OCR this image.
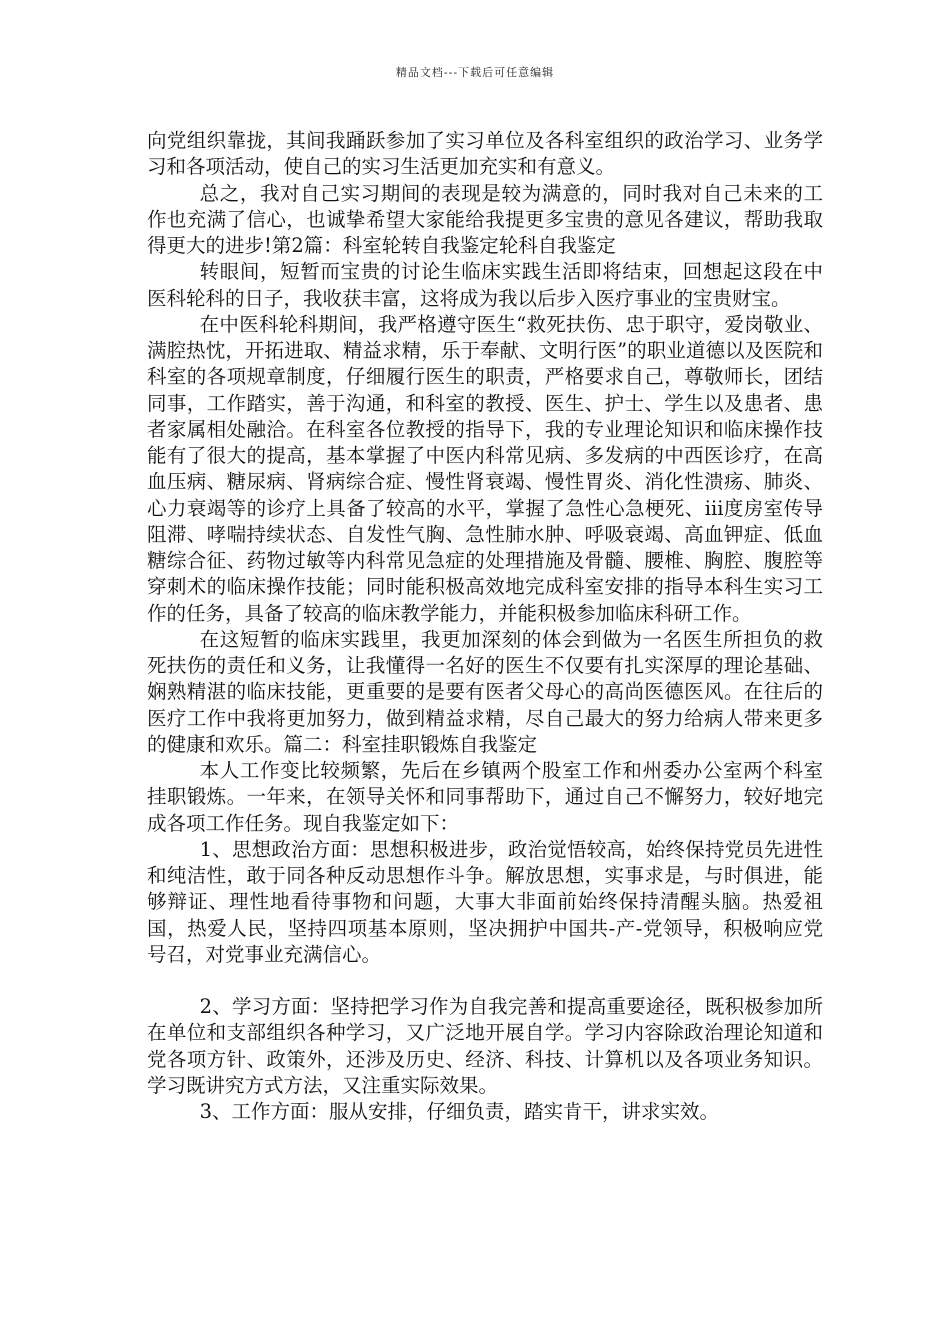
精品文档---下载后可任意编辑

向党组织靠拢，其间我踊跃参加了实习单位及各科室组织的政治学习、业务学习和各项活动，使自己的实习生活更加充实和有意义。

总之，我对自己实习期间的表现是较为满意的，同时我对自己未来的工作也充满了信心，也诚挚希望大家能给我提更多宝贵的意见各建议，帮助我取得更大的进步!第2篇：科室轮转自我鉴定轮科自我鉴定

转眼间，短暂而宝贵的讨论生临床实践生活即将结束，回想起这段在中医科轮科的日子，我收获丰富，这将成为我以后步入医疗事业的宝贵财宝。

在中医科轮科期间，我严格遵守医生“救死扶伤、忠于职守，爱岗敬业、满腔热忱，开拓进取、精益求精，乐于奉献、文明行医”的职业道德以及医院和科室的各项规章制度，仔细履行医生的职责，严格要求自己，尊敬师长，团结同事，工作踏实，善于沟通，和科室的教授、医生、护士、学生以及患者、患者家属相处融洽。在科室各位教授的指导下，我的专业理论知识和临床操作技能有了很大的提高，基本掌握了中医内科常见病、多发病的中西医诊疗，在高血压病、糖尿病、肾病综合症、慢性肾衰竭、慢性胃炎、消化性溃疡、肺炎、心力衰竭等的诊疗上具备了较高的水平，掌握了急性心急梗死、ⅲ度房室传导阻滞、哮喘持续状态、自发性气胸、急性肺水肿、呼吸衰竭、高血钾症、低血糖综合征、药物过敏等内科常见急症的处理措施及骨髓、腰椎、胸腔、腹腔等穿刺术的临床操作技能；同时能积极高效地完成科室安排的指导本科生实习工作的任务，具备了较高的临床教学能力，并能积极参加临床科研工作。

在这短暂的临床实践里，我更加深刻的体会到做为一名医生所担负的救死扶伤的责任和义务，让我懂得一名好的医生不仅要有扎实深厚的理论基础、娴熟精湛的临床技能，更重要的是要有医者父母心的高尚医德医风。在往后的医疗工作中我将更加努力，做到精益求精，尽自己最大的努力给病人带来更多的健康和欢乐。篇二：科室挂职锻炼自我鉴定

本人工作变比较频繁，先后在乡镇两个股室工作和州委办公室两个科室挂职锻炼。一年来，在领导关怀和同事帮助下，通过自己不懈努力，较好地完成各项工作任务。现自我鉴定如下：

1、思想政治方面：思想积极进步，政治觉悟较高，始终保持党员先进性和纯洁性，敢于同各种反动思想作斗争。解放思想，实事求是，与时俱进，能够辩证、理性地看待事物和问题，大事大非面前始终保持清醒头脑。热爱祖国，热爱人民，坚持四项基本原则，坚决拥护中国共-产-党领导，积极响应党号召，对党事业充满信心。

2、学习方面：坚持把学习作为自我完善和提高重要途径，既积极参加所在单位和支部组织各种学习，又广泛地开展自学。学习内容除政治理论知道和党各项方针、政策外，还涉及历史、经济、科技、计算机以及各项业务知识。学习既讲究方式方法，又注重实际效果。

3、工作方面：服从安排，仔细负责，踏实肯干，讲求实效。
